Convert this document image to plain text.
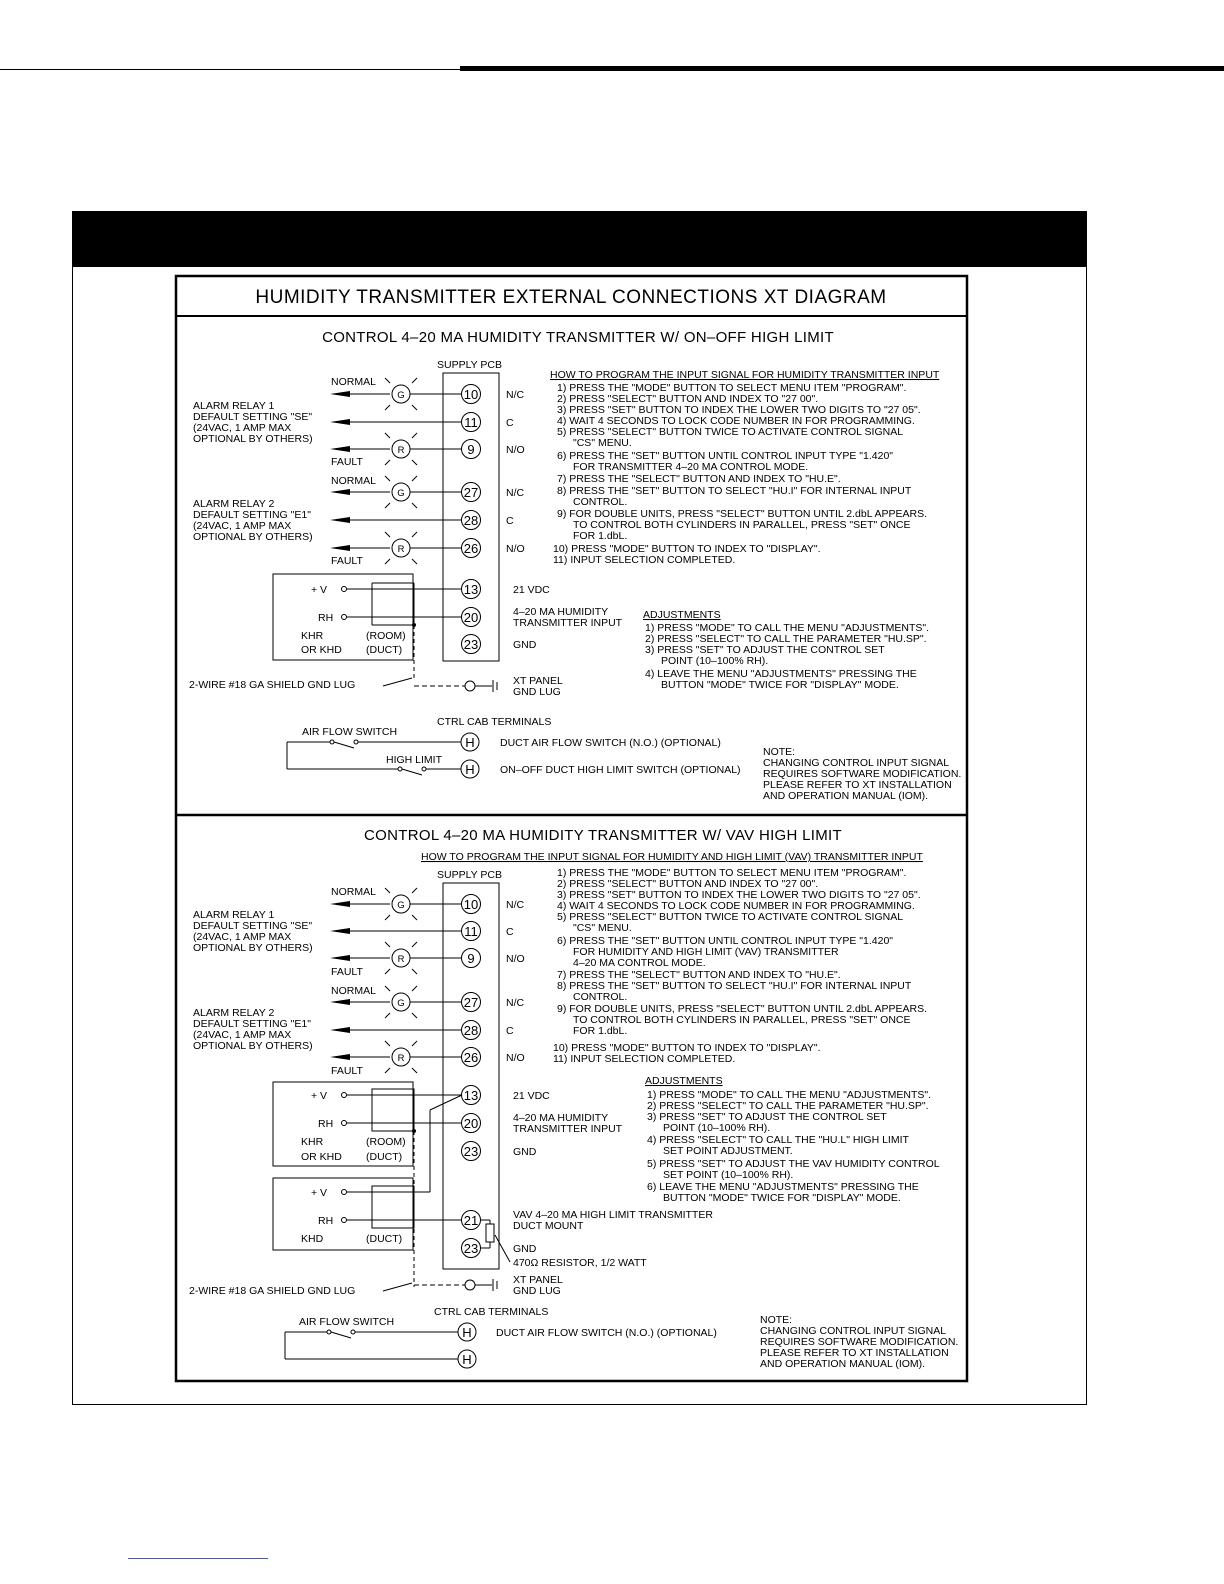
HUMIDITY TRANSMITTER EXTERNAL CONNECTIONS XT DIAGRAM
CONTROL 4–20 MA HUMIDITY TRANSMITTER W/ ON–OFF HIGH LIMIT
SUPPLY PCB
NORMAL
ALARM RELAY 1
DEFAULT SETTING "SE"
(24VAC, 1 AMP MAX
OPTIONAL BY OTHERS)
FAULT
G
R
NORMAL
ALARM RELAY 2
DEFAULT SETTING "E1"
(24VAC, 1 AMP MAX
OPTIONAL BY OTHERS)
FAULT
G
R
10
11
9
27
28
26
13
20
23
N/C
C
N/O
N/C
C
N/O
21 VDC
4–20 MA HUMIDITY
TRANSMITTER INPUT
GND
+ V
RH
KHR
OR KHD
(ROOM)
(DUCT)
2-WIRE #18 GA SHIELD GND LUG	XT PANEL
GND LUG
HOW TO PROGRAM THE INPUT SIGNAL FOR HUMIDITY TRANSMITTER INPUT
1) PRESS THE "MODE" BUTTON TO SELECT MENU ITEM "PROGRAM".
2) PRESS "SELECT" BUTTON AND INDEX TO "27 00".
3) PRESS "SET" BUTTON TO INDEX THE LOWER TWO DIGITS TO "27 05".
4) WAIT 4 SECONDS TO LOCK CODE NUMBER IN FOR PROGRAMMING.
5) PRESS "SELECT" BUTTON TWICE TO ACTIVATE CONTROL SIGNAL
"CS" MENU.
6) PRESS THE "SET" BUTTON UNTIL CONTROL INPUT TYPE "1.420"
FOR TRANSMITTER 4–20 MA CONTROL MODE.
7) PRESS THE "SELECT" BUTTON AND INDEX TO "HU.E".
8) PRESS THE "SET" BUTTON TO SELECT "HU.I" FOR INTERNAL INPUT
CONTROL.
9) FOR DOUBLE UNITS, PRESS "SELECT" BUTTON UNTIL 2.dbL APPEARS.
TO CONTROL BOTH CYLINDERS IN PARALLEL, PRESS "SET" ONCE
FOR 1.dbL.
10) PRESS "MODE" BUTTON TO INDEX TO "DISPLAY".
11) INPUT SELECTION COMPLETED.
ADJUSTMENTS
1) PRESS "MODE" TO CALL THE MENU "ADJUSTMENTS".
2) PRESS "SELECT" TO CALL THE PARAMETER "HU.SP".
3) PRESS "SET" TO ADJUST THE CONTROL SET
POINT (10–100% RH).
4) LEAVE THE MENU "ADJUSTMENTS" PRESSING THE
BUTTON "MODE" TWICE FOR "DISPLAY" MODE.
CTRL CAB TERMINALS
AIR FLOW SWITCH
HIGH LIMIT
H
H
DUCT AIR FLOW SWITCH (N.O.) (OPTIONAL)
ON–OFF DUCT HIGH LIMIT SWITCH (OPTIONAL)
NOTE:
CHANGING CONTROL INPUT SIGNAL
REQUIRES SOFTWARE MODIFICATION.
PLEASE REFER TO XT INSTALLATION
AND OPERATION MANUAL (IOM).
CONTROL 4–20 MA HUMIDITY TRANSMITTER W/ VAV HIGH LIMIT
HOW TO PROGRAM THE INPUT SIGNAL FOR HUMIDITY AND HIGH LIMIT (VAV) TRANSMITTER INPUT
SUPPLY PCB
NORMAL
ALARM RELAY 1
DEFAULT SETTING "SE"
(24VAC, 1 AMP MAX
OPTIONAL BY OTHERS)
FAULT
G
R
NORMAL
ALARM RELAY 2
DEFAULT SETTING "E1"
(24VAC, 1 AMP MAX
OPTIONAL BY OTHERS)
FAULT
G
R
10
11
9
27
28
26
13
20
23
21
23
N/C
C
N/O
N/C
C
N/O
21 VDC
4–20 MA HUMIDITY
TRANSMITTER INPUT
GND
VAV 4–20 MA HIGH LIMIT TRANSMITTER
DUCT MOUNT
GND
470Ω RESISTOR, 1/2 WATT
+ V
RH
KHR
OR KHD
(ROOM)
(DUCT)
+ V
RH
KHD	(DUCT)
2-WIRE #18 GA SHIELD GND LUG
XT PANEL
GND LUG
1) PRESS THE "MODE" BUTTON TO SELECT MENU ITEM "PROGRAM".
2) PRESS "SELECT" BUTTON AND INDEX TO "27 00".
3) PRESS "SET" BUTTON TO INDEX THE LOWER TWO DIGITS TO "27 05".
4) WAIT 4 SECONDS TO LOCK CODE NUMBER IN FOR PROGRAMMING.
5) PRESS "SELECT" BUTTON TWICE TO ACTIVATE CONTROL SIGNAL
"CS" MENU.
6) PRESS THE "SET" BUTTON UNTIL CONTROL INPUT TYPE "1.420"
FOR HUMIDITY AND HIGH LIMIT (VAV) TRANSMITTER
4–20 MA CONTROL MODE.
7) PRESS THE "SELECT" BUTTON AND INDEX TO "HU.E".
8) PRESS THE "SET" BUTTON TO SELECT "HU.I" FOR INTERNAL INPUT
CONTROL.
9) FOR DOUBLE UNITS, PRESS "SELECT" BUTTON UNTIL 2.dbL APPEARS.
TO CONTROL BOTH CYLINDERS IN PARALLEL, PRESS "SET" ONCE
FOR 1.dbL.
10) PRESS "MODE" BUTTON TO INDEX TO "DISPLAY".
11) INPUT SELECTION COMPLETED.
ADJUSTMENTS
1) PRESS "MODE" TO CALL THE MENU "ADJUSTMENTS".
2) PRESS "SELECT" TO CALL THE PARAMETER "HU.SP".
3) PRESS "SET" TO ADJUST THE CONTROL SET
POINT (10–100% RH).
4) PRESS "SELECT" TO CALL THE "HU.L" HIGH LIMIT
SET POINT ADJUSTMENT.
5) PRESS "SET" TO ADJUST THE VAV HUMIDITY CONTROL
SET POINT (10–100% RH).
6) LEAVE THE MENU "ADJUSTMENTS" PRESSING THE
BUTTON "MODE" TWICE FOR "DISPLAY" MODE.
CTRL CAB TERMINALS
AIR FLOW SWITCH
H
H
DUCT AIR FLOW SWITCH (N.O.) (OPTIONAL)
NOTE:
CHANGING CONTROL INPUT SIGNAL
REQUIRES SOFTWARE MODIFICATION.
PLEASE REFER TO XT INSTALLATION
AND OPERATION MANUAL (IOM).
